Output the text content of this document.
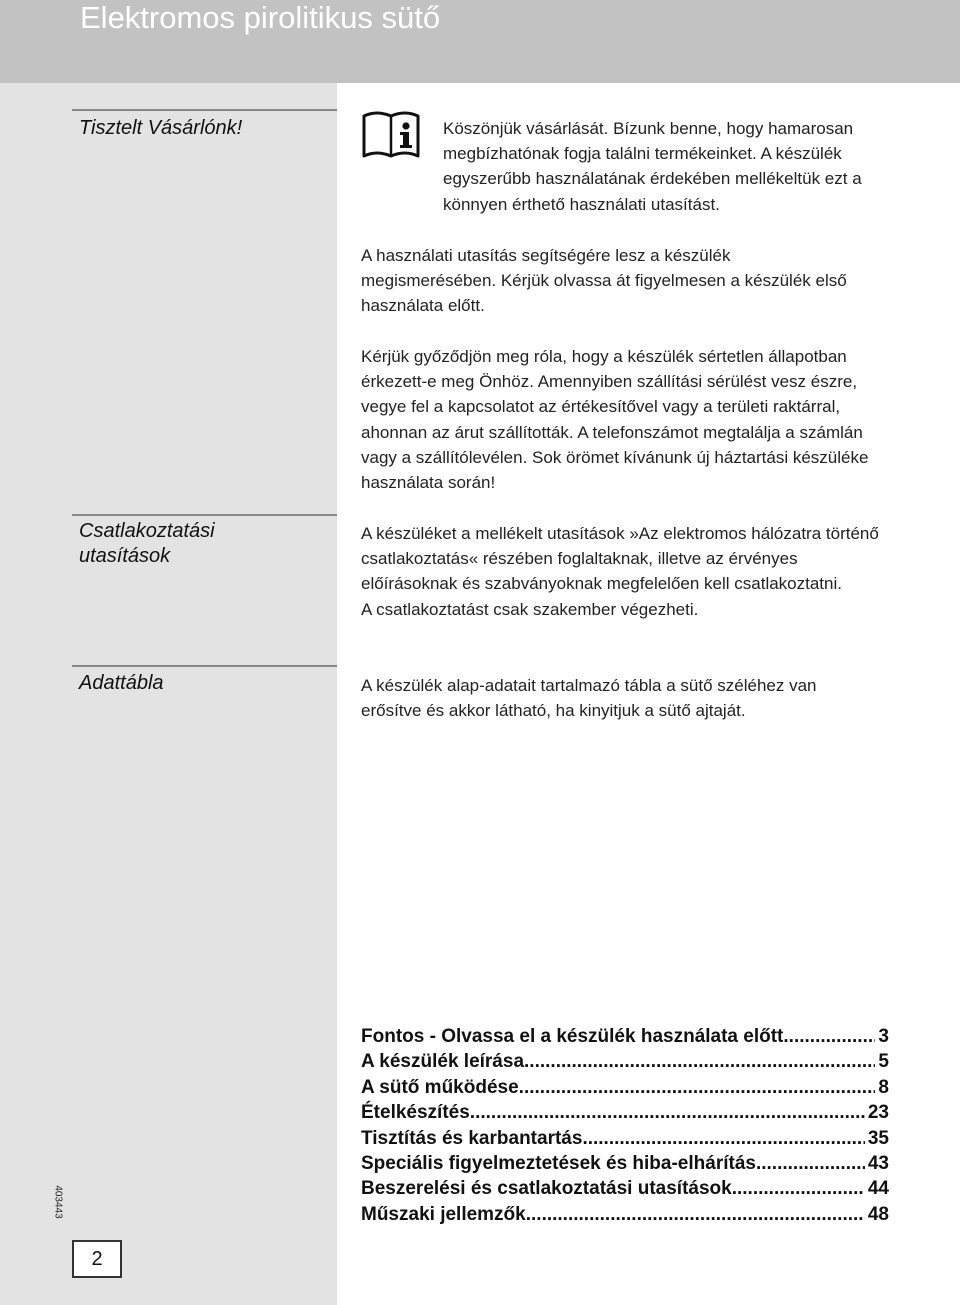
Elektromos pirolitikus sütő
Tisztelt Vásárlónk!
Csatlakoztatási
utasítások
Adattábla
Köszönjük vásárlását. Bízunk benne, hogy hamarosan megbízhatónak fogja találni termékeinket. A készülék egyszerűbb használatának érdekében mellékeltük ezt a könnyen érthető használati utasítást.
A használati utasítás segítségére lesz a készülék megismerésében. Kérjük olvassa át figyelmesen a készülék első használata előtt.
Kérjük győződjön meg róla, hogy a készülék sértetlen állapotban érkezett-e meg Önhöz. Amennyiben szállítási sérülést vesz észre, vegye fel a kapcsolatot az értékesítővel vagy a területi raktárral, ahonnan az árut szállították. A telefonszámot megtalálja a számlán vagy a szállítólevélen. Sok örömet kívánunk új háztartási készüléke használata során!
A készüléket a mellékelt utasítások »Az elektromos hálózatra történő csatlakoztatás« részében foglaltaknak, illetve az érvényes előírásoknak és szabványoknak megfelelően kell csatlakoztatni.
A csatlakoztatást csak szakember végezheti.
A készülék alap-adatait tartalmazó tábla a sütő széléhez van erősítve és akkor látható, ha kinyitjuk a sütő ajtaját.
Fontos - Olvassa el a készülék használata előtt .....	3
A készülék leírása .....	5
A sütő működése .....	8
Ételkészítés .....	23
Tisztítás és karbantartás .....	35
Speciális figyelmeztetések és hiba-elhárítás .....	43
Beszerelési és csatlakoztatási utasítások .....	44
Műszaki jellemzők .....	48
403443
2
